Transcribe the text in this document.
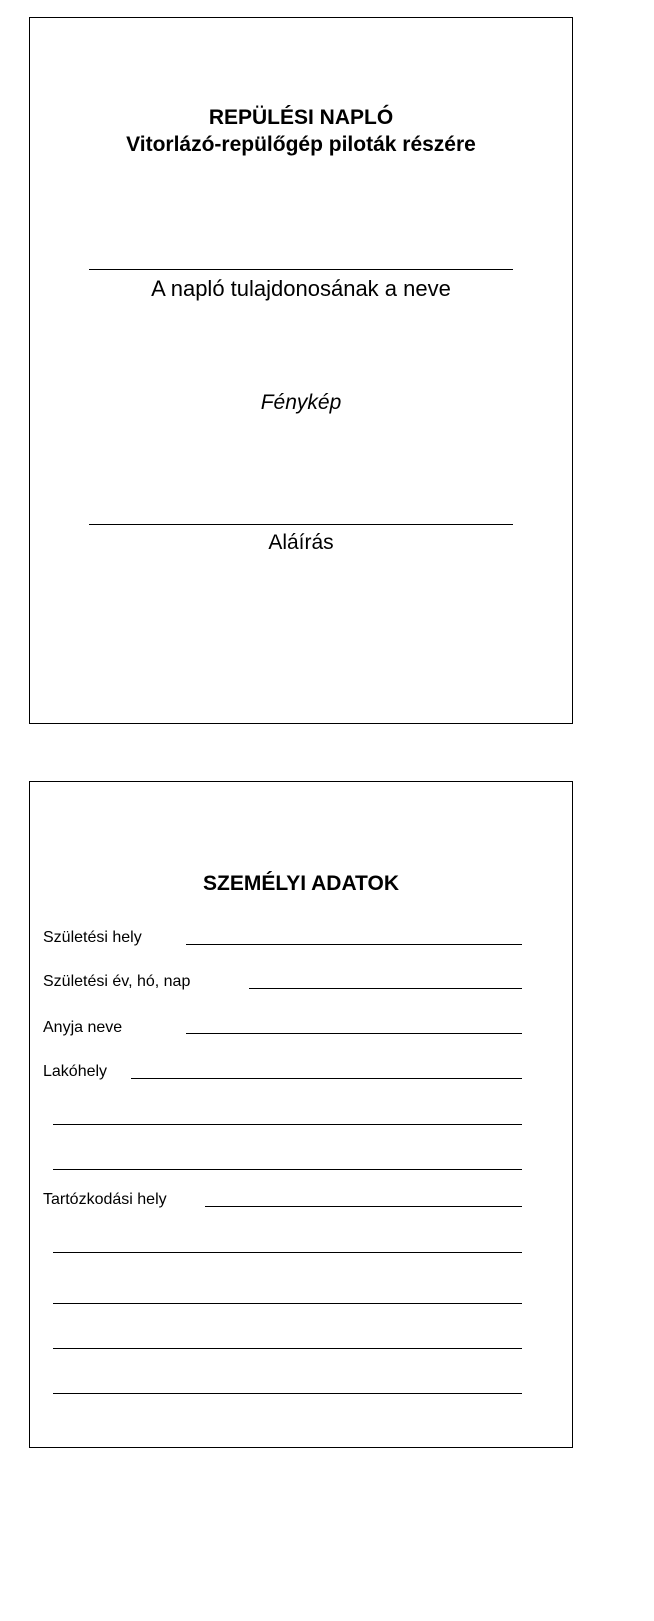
REPÜLÉSI NAPLÓ
Vitorlázó-repülőgép piloták részére
A napló tulajdonosának a neve
Fénykép
Aláírás
SZEMÉLYI ADATOK
Születési hely
Születési év, hó, nap
Anyja neve
Lakóhely
Tartózkodási hely
